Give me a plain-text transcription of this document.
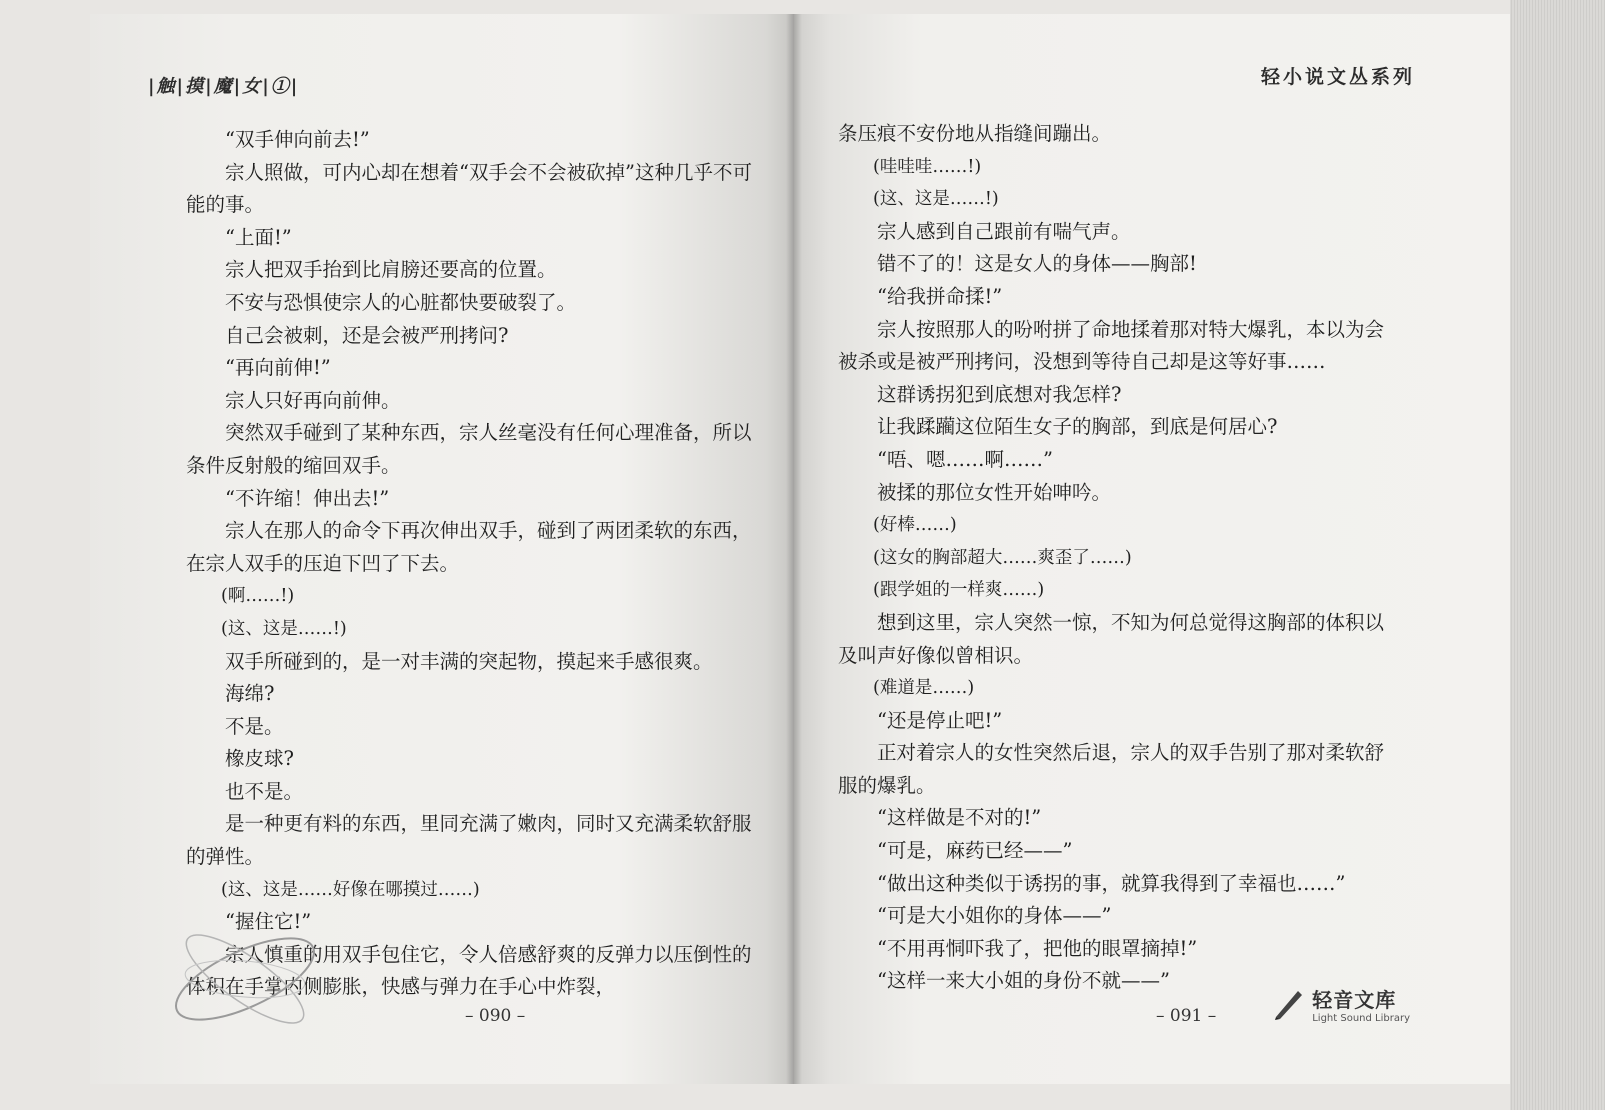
|触|摸|魔|女|①|

“双手伸向前去!”

宗人照做，可内心却在想着“双手会不会被砍掉”这种几乎不可能的事。

“上面!”

宗人把双手抬到比肩膀还要高的位置。

不安与恐惧使宗人的心脏都快要破裂了。

自己会被刺，还是会被严刑拷问?

“再向前伸!”

宗人只好再向前伸。

突然双手碰到了某种东西，宗人丝毫没有任何心理准备，所以条件反射般的缩回双手。

“不许缩！伸出去!”

宗人在那人的命令下再次伸出双手，碰到了两团柔软的东西，在宗人双手的压迫下凹了下去。

(啊……!)

(这、这是……!)

双手所碰到的，是一对丰满的突起物，摸起来手感很爽。

海绵?

不是。

橡皮球?

也不是。

是一种更有料的东西，里同充满了嫩肉，同时又充满柔软舒服的弹性。

(这、这是……好像在哪摸过……)

“握住它!”

宗人慎重的用双手包住它，令人倍感舒爽的反弹力以压倒性的体积在手掌内侧膨胀，快感与弹力在手心中炸裂，

– 090 –
轻小说文丛系列

条压痕不安份地从指缝间蹦出。

(哇哇哇……!)

(这、这是……!)

宗人感到自己跟前有喘气声。

错不了的！这是女人的身体——胸部!

“给我拼命揉!”

宗人按照那人的吩咐拼了命地揉着那对特大爆乳，本以为会被杀或是被严刑拷问，没想到等待自己却是这等好事……

这群诱拐犯到底想对我怎样?

让我蹂躏这位陌生女子的胸部，到底是何居心?

“唔、嗯……啊……”

被揉的那位女性开始呻吟。

(好棒……)

(这女的胸部超大……爽歪了……)

(跟学姐的一样爽……)

想到这里，宗人突然一惊，不知为何总觉得这胸部的体积以及叫声好像似曾相识。

(难道是……)

“还是停止吧!”

正对着宗人的女性突然后退，宗人的双手告别了那对柔软舒服的爆乳。

“这样做是不对的!”

“可是，麻药已经——”

“做出这种类似于诱拐的事，就算我得到了幸福也……”

“可是大小姐你的身体——”

“不用再恫吓我了，把他的眼罩摘掉!”

“这样一来大小姐的身份不就——”

– 091 –
轻音文库
Light Sound Library
